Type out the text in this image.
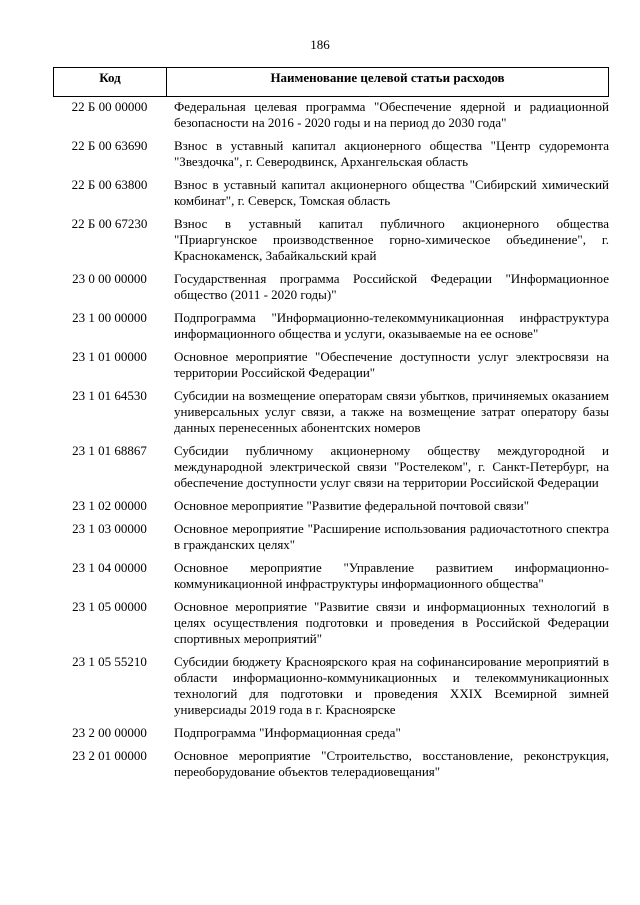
186
Код	Наименование целевой статьи расходов
22 Б 00 00000	Федеральная целевая программа "Обеспечение ядерной и радиационной безопасности на 2016 - 2020 годы и на период до 2030 года"
22 Б 00 63690	Взнос в уставный капитал акционерного общества "Центр судоремонта "Звездочка", г. Северодвинск, Архангельская область
22 Б 00 63800	Взнос в уставный капитал акционерного общества "Сибирский химический комбинат", г. Северск, Томская область
22 Б 00 67230	Взнос в уставный капитал публичного акционерного общества "Приаргунское производственное горно-химическое объединение", г. Краснокаменск, Забайкальский край
23 0 00 00000	Государственная программа Российской Федерации "Информационное общество (2011 - 2020 годы)"
23 1 00 00000	Подпрограмма "Информационно-телекоммуникационная инфраструктура информационного общества и услуги, оказываемые на ее основе"
23 1 01 00000	Основное мероприятие "Обеспечение доступности услуг электросвязи на территории Российской Федерации"
23 1 01 64530	Субсидии на возмещение операторам связи убытков, причиняемых оказанием универсальных услуг связи, а также на возмещение затрат оператору базы данных перенесенных абонентских номеров
23 1 01 68867	Субсидии публичному акционерному обществу междугородной и международной электрической связи "Ростелеком", г. Санкт-Петербург, на обеспечение доступности услуг связи на территории Российской Федерации
23 1 02 00000	Основное мероприятие "Развитие федеральной почтовой связи"
23 1 03 00000	Основное мероприятие "Расширение использования радиочастотного спектра в гражданских целях"
23 1 04 00000	Основное мероприятие "Управление развитием информационно-коммуникационной инфраструктуры информационного общества"
23 1 05 00000	Основное мероприятие "Развитие связи и информационных технологий в целях осуществления подготовки и проведения в Российской Федерации спортивных мероприятий"
23 1 05 55210	Субсидии бюджету Красноярского края на софинансирование мероприятий в области информационно-коммуникационных и телекоммуникационных технологий для подготовки и проведения XXIX Всемирной зимней универсиады 2019 года в г. Красноярске
23 2 00 00000	Подпрограмма "Информационная среда"
23 2 01 00000	Основное мероприятие "Строительство, восстановление, реконструкция, переоборудование объектов телерадиовещания"
